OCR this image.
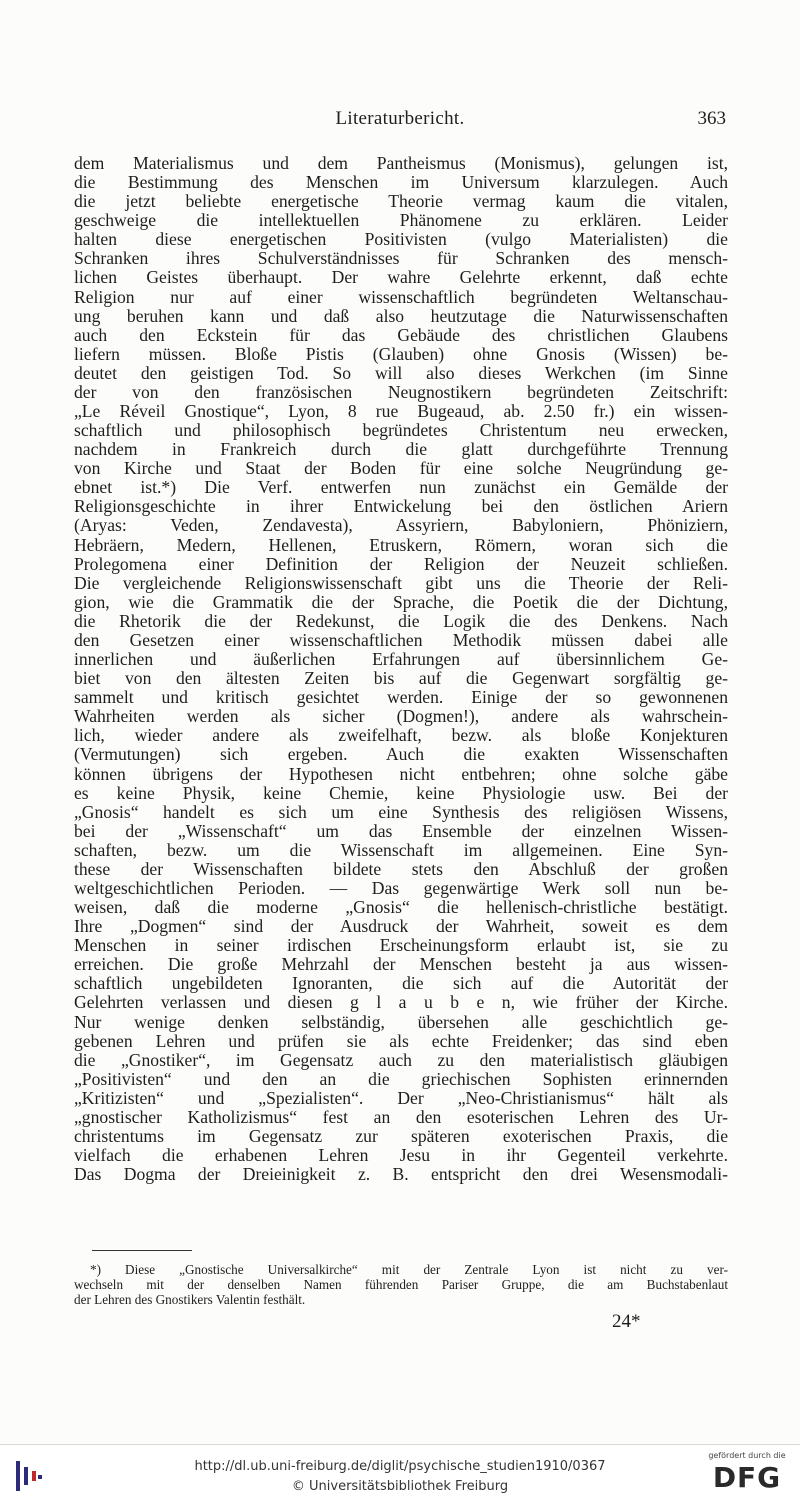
Literaturbericht.	363
dem Materialismus und dem Pantheismus (Monismus), gelungen ist,
die Bestimmung des Menschen im Universum klarzulegen. Auch
die jetzt beliebte energetische Theorie vermag kaum die vitalen,
geschweige die intellektuellen Phänomene zu erklären. Leider
halten diese energetischen Positivisten (vulgo Materialisten) die
Schranken ihres Schulverständnisses für Schranken des mensch-
lichen Geistes überhaupt. Der wahre Gelehrte erkennt, daß echte
Religion nur auf einer wissenschaftlich begründeten Weltanschau-
ung beruhen kann und daß also heutzutage die Naturwissenschaften
auch den Eckstein für das Gebäude des christlichen Glaubens
liefern müssen. Bloße Pistis (Glauben) ohne Gnosis (Wissen) be-
deutet den geistigen Tod. So will also dieses Werkchen (im Sinne
der von den französischen Neugnostikern begründeten Zeitschrift:
„Le Réveil Gnostique“, Lyon, 8 rue Bugeaud, ab. 2.50 fr.) ein wissen-
schaftlich und philosophisch begründetes Christentum neu erwecken,
nachdem in Frankreich durch die glatt durchgeführte Trennung
von Kirche und Staat der Boden für eine solche Neugründung ge-
ebnet ist.*) Die Verf. entwerfen nun zunächst ein Gemälde der
Religionsgeschichte in ihrer Entwickelung bei den östlichen Ariern
(Aryas: Veden, Zendavesta), Assyriern, Babyloniern, Phöniziern,
Hebräern, Medern, Hellenen, Etruskern, Römern, woran sich die
Prolegomena einer Definition der Religion der Neuzeit schließen.
Die vergleichende Religionswissenschaft gibt uns die Theorie der Reli-
gion, wie die Grammatik die der Sprache, die Poetik die der Dichtung,
die Rhetorik die der Redekunst, die Logik die des Denkens. Nach
den Gesetzen einer wissenschaftlichen Methodik müssen dabei alle
innerlichen und äußerlichen Erfahrungen auf übersinnlichem Ge-
biet von den ältesten Zeiten bis auf die Gegenwart sorgfältig ge-
sammelt und kritisch gesichtet werden. Einige der so gewonnenen
Wahrheiten werden als sicher (Dogmen!), andere als wahrschein-
lich, wieder andere als zweifelhaft, bezw. als bloße Konjekturen
(Vermutungen) sich ergeben. Auch die exakten Wissenschaften
können übrigens der Hypothesen nicht entbehren; ohne solche gäbe
es keine Physik, keine Chemie, keine Physiologie usw. Bei der
„Gnosis“ handelt es sich um eine Synthesis des religiösen Wissens,
bei der „Wissenschaft“ um das Ensemble der einzelnen Wissen-
schaften, bezw. um die Wissenschaft im allgemeinen. Eine Syn-
these der Wissenschaften bildete stets den Abschluß der großen
weltgeschichtlichen Perioden. — Das gegenwärtige Werk soll nun be-
weisen, daß die moderne „Gnosis“ die hellenisch-christliche bestätigt.
Ihre „Dogmen“ sind der Ausdruck der Wahrheit, soweit es dem
Menschen in seiner irdischen Erscheinungsform erlaubt ist, sie zu
erreichen. Die große Mehrzahl der Menschen besteht ja aus wissen-
schaftlich ungebildeten Ignoranten, die sich auf die Autorität der
Gelehrten verlassen und diesen g l a u b e n, wie früher der Kirche.
Nur wenige denken selbständig, übersehen alle geschichtlich ge-
gebenen Lehren und prüfen sie als echte Freidenker; das sind eben
die „Gnostiker“, im Gegensatz auch zu den materialistisch gläubigen
„Positivisten“ und den an die griechischen Sophisten erinnernden
„Kritizisten“ und „Spezialisten“. Der „Neo-Christianismus“ hält als
„gnostischer Katholizismus“ fest an den esoterischen Lehren des Ur-
christentums im Gegensatz zur späteren exoterischen Praxis, die
vielfach die erhabenen Lehren Jesu in ihr Gegenteil verkehrte.
Das Dogma der Dreieinigkeit z. B. entspricht den drei Wesensmodali-
*) Diese „Gnostische Universalkirche“ mit der Zentrale Lyon ist nicht zu ver-
wechseln mit der denselben Namen führenden Pariser Gruppe, die am Buchstabenlaut
der Lehren des Gnostikers Valentin festhält.
24*
http://dl.ub.uni-freiburg.de/diglit/psychische_studien1910/0367
© Universitätsbibliothek Freiburg
gefördert durch die
DFG
